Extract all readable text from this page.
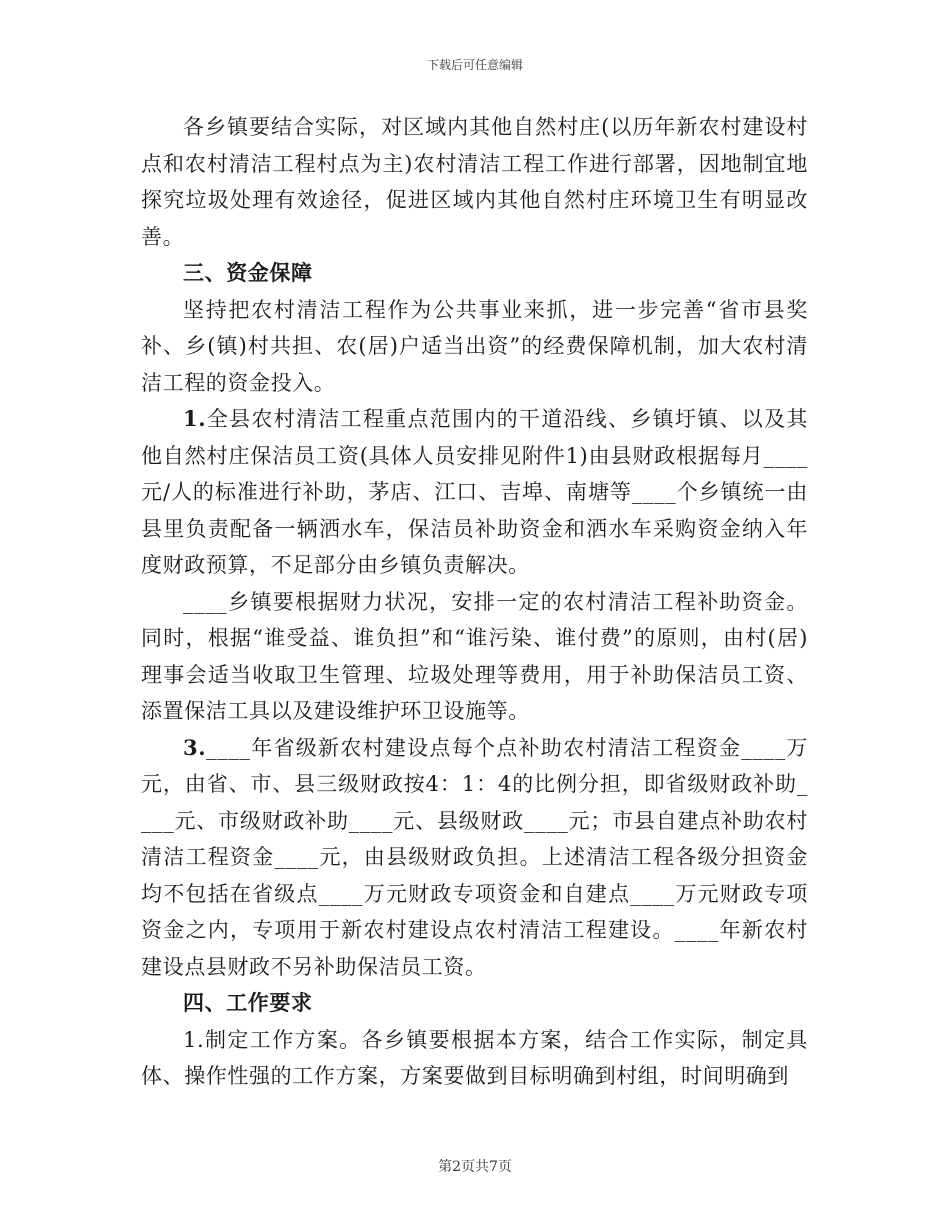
下载后可任意编辑

各乡镇要结合实际，对区域内其他自然村庄(以历年新农村建设村点和农村清洁工程村点为主)农村清洁工程工作进行部署，因地制宜地探究垃圾处理有效途径，促进区域内其他自然村庄环境卫生有明显改善。

三、资金保障

坚持把农村清洁工程作为公共事业来抓，进一步完善“省市县奖补、乡(镇)村共担、农(居)户适当出资”的经费保障机制，加大农村清洁工程的资金投入。

1.全县农村清洁工程重点范围内的干道沿线、乡镇圩镇、以及其他自然村庄保洁员工资(具体人员安排见附件1)由县财政根据每月____元/人的标准进行补助，茅店、江口、吉埠、南塘等____个乡镇统一由县里负责配备一辆洒水车，保洁员补助资金和洒水车采购资金纳入年度财政预算，不足部分由乡镇负责解决。

____乡镇要根据财力状况，安排一定的农村清洁工程补助资金。同时，根据“谁受益、谁负担”和“谁污染、谁付费”的原则，由村(居)理事会适当收取卫生管理、垃圾处理等费用，用于补助保洁员工资、添置保洁工具以及建设维护环卫设施等。

3.____年省级新农村建设点每个点补助农村清洁工程资金____万元，由省、市、县三级财政按4：1：4的比例分担，即省级财政补助____元、市级财政补助____元、县级财政____元；市县自建点补助农村清洁工程资金____元，由县级财政负担。上述清洁工程各级分担资金均不包括在省级点____万元财政专项资金和自建点____万元财政专项资金之内，专项用于新农村建设点农村清洁工程建设。____年新农村建设点县财政不另补助保洁员工资。

四、工作要求

1.制定工作方案。各乡镇要根据本方案，结合工作实际，制定具体、操作性强的工作方案，方案要做到目标明确到村组，时间明确到

第2页共7页
